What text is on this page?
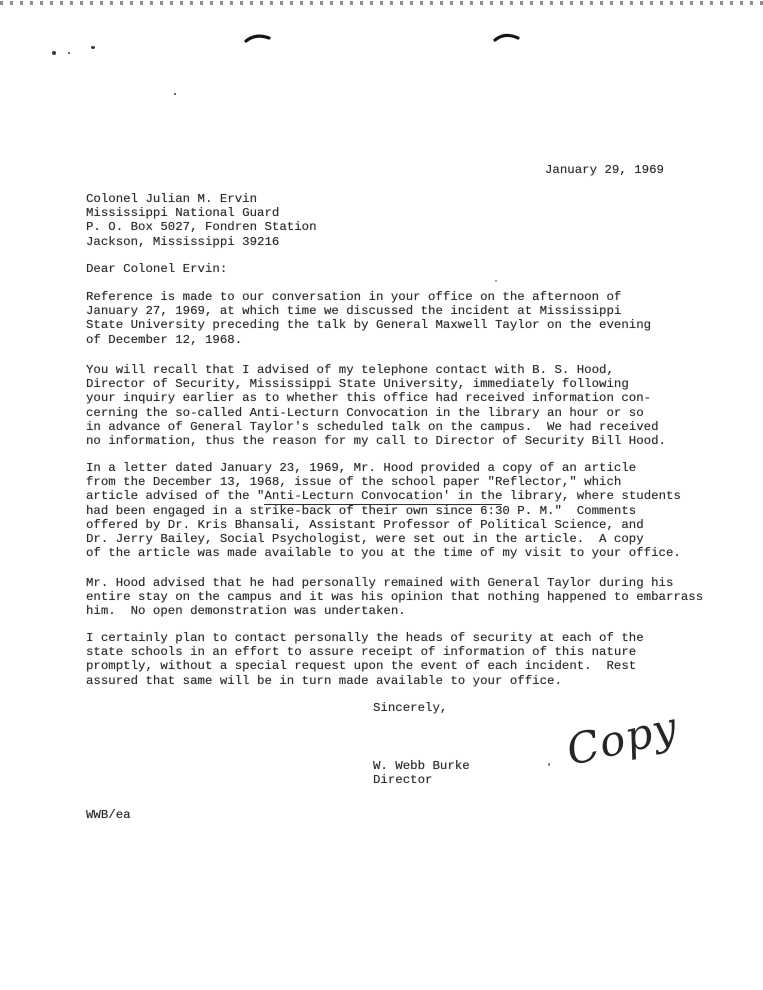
January 29, 1969
Colonel Julian M. Ervin
Mississippi National Guard
P. O. Box 5027, Fondren Station
Jackson, Mississippi 39216
Dear Colonel Ervin:
Reference is made to our conversation in your office on the afternoon of
January 27, 1969, at which time we discussed the incident at Mississippi
State University preceding the talk by General Maxwell Taylor on the evening
of December 12, 1968.
You will recall that I advised of my telephone contact with B. S. Hood,
Director of Security, Mississippi State University, immediately following
your inquiry earlier as to whether this office had received information con-
cerning the so-called Anti-Lecturn Convocation in the library an hour or so
in advance of General Taylor's scheduled talk on the campus.  We had received
no information, thus the reason for my call to Director of Security Bill Hood.
In a letter dated January 23, 1969, Mr. Hood provided a copy of an article
from the December 13, 1968, issue of the school paper "Reflector," which
article advised of the "Anti-Lecturn Convocation' in the library, where students
had been engaged in a strike-back of their own since 6:30 P. M."  Comments
offered by Dr. Kris Bhansali, Assistant Professor of Political Science, and
Dr. Jerry Bailey, Social Psychologist, were set out in the article.  A copy
of the article was made available to you at the time of my visit to your office.
Mr. Hood advised that he had personally remained with General Taylor during his
entire stay on the campus and it was his opinion that nothing happened to embarrass
him.  No open demonstration was undertaken.
I certainly plan to contact personally the heads of security at each of the
state schools in an effort to assure receipt of information of this nature
promptly, without a special request upon the event of each incident.  Rest
assured that same will be in turn made available to your office.
Sincerely,
W. Webb Burke
Director
WWB/ea
Copy
